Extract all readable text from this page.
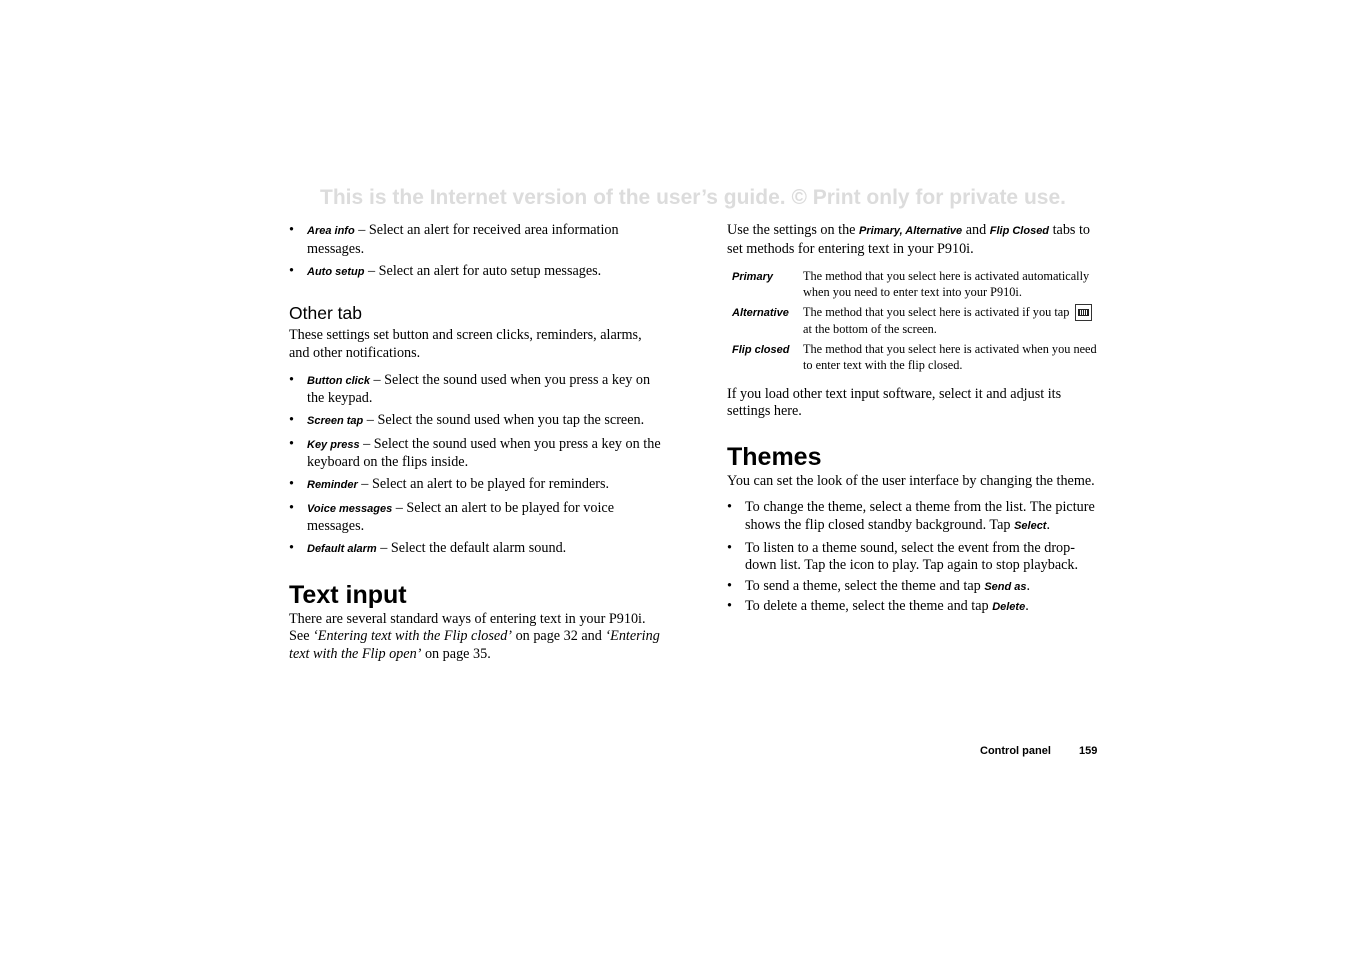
This is the Internet version of the user’s guide. © Print only for private use.
• Area info – Select an alert for received area information messages.
• Auto setup – Select an alert for auto setup messages.
Other tab

These settings set button and screen clicks, reminders, alarms, and other notifications.

• Button click – Select the sound used when you press a key on the keypad.
• Screen tap – Select the sound used when you tap the screen.
• Key press – Select the sound used when you press a key on the keyboard on the flips inside.
• Reminder – Select an alert to be played for reminders.
• Voice messages – Select an alert to be played for voice messages.
• Default alarm – Select the default alarm sound.
Text input

There are several standard ways of entering text in your P910i. See ‘Entering text with the Flip closed’ on page 32 and ‘Entering text with the Flip open’ on page 35.

Use the settings on the Primary, Alternative and Flip Closed tabs to set methods for entering text in your P910i.

Primary	The method that you select here is activated automatically when you need to enter text into your P910i.
Alternative	The method that you select here is activated if you tap  at the bottom of the screen.
Flip closed	The method that you select here is activated when you need to enter text with the flip closed.

If you load other text input software, select it and adjust its settings here.

Themes

You can set the look of the user interface by changing the theme.

• To change the theme, select a theme from the list. The picture shows the flip closed standby background. Tap Select.
• To listen to a theme sound, select the event from the drop-down list. Tap the icon to play. Tap again to stop playback.
• To send a theme, select the theme and tap Send as.
• To delete a theme, select the theme and tap Delete.
Control panel	159
